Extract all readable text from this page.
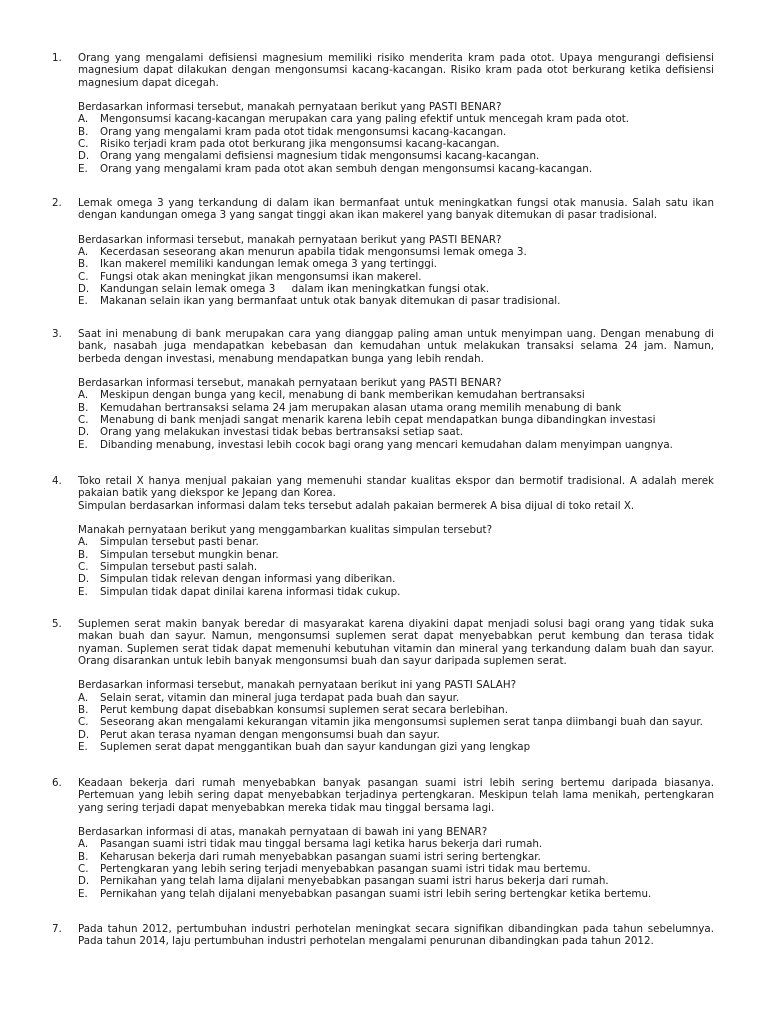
1. Orang yang mengalami defisiensi magnesium memiliki risiko menderita kram pada otot. Upaya mengurangi defisiensi magnesium dapat dilakukan dengan mengonsumsi kacang-kacangan. Risiko kram pada otot berkurang ketika defisiensi magnesium dapat dicegah.
Berdasarkan informasi tersebut, manakah pernyataan berikut yang PASTI BENAR?
A. Mengonsumsi kacang-kacangan merupakan cara yang paling efektif untuk mencegah kram pada otot.
B. Orang yang mengalami kram pada otot tidak mengonsumsi kacang-kacangan.
C. Risiko terjadi kram pada otot berkurang jika mengonsumsi kacang-kacangan.
D. Orang yang mengalami defisiensi magnesium tidak mengonsumsi kacang-kacangan.
E. Orang yang mengalami kram pada otot akan sembuh dengan mengonsumsi kacang-kacangan.
2. Lemak omega 3 yang terkandung di dalam ikan bermanfaat untuk meningkatkan fungsi otak manusia. Salah satu ikan dengan kandungan omega 3 yang sangat tinggi akan ikan makerel yang banyak ditemukan di pasar tradisional.
Berdasarkan informasi tersebut, manakah pernyataan berikut yang PASTI BENAR?
A. Kecerdasan seseorang akan menurun apabila tidak mengonsumsi lemak omega 3.
B. Ikan makerel memiliki kandungan lemak omega 3 yang tertinggi.
C. Fungsi otak akan meningkat jikan mengonsumsi ikan makerel.
D. Kandungan selain lemak omega 3     dalam ikan meningkatkan fungsi otak.
E. Makanan selain ikan yang bermanfaat untuk otak banyak ditemukan di pasar tradisional.
3. Saat ini menabung di bank merupakan cara yang dianggap paling aman untuk menyimpan uang. Dengan menabung di bank, nasabah juga mendapatkan kebebasan dan kemudahan untuk melakukan transaksi selama 24 jam. Namun, berbeda dengan investasi, menabung mendapatkan bunga yang lebih rendah.
Berdasarkan informasi tersebut, manakah pernyataan berikut yang PASTI BENAR?
A. Meskipun dengan bunga yang kecil, menabung di bank memberikan kemudahan bertransaksi
B. Kemudahan bertransaksi selama 24 jam merupakan alasan utama orang memilih menabung di bank
C. Menabung di bank menjadi sangat menarik karena lebih cepat mendapatkan bunga dibandingkan investasi
D. Orang yang melakukan investasi tidak bebas bertransaksi setiap saat.
E. Dibanding menabung, investasi lebih cocok bagi orang yang mencari kemudahan dalam menyimpan uangnya.
4. Toko retail X hanya menjual pakaian yang memenuhi standar kualitas ekspor dan bermotif tradisional. A adalah merek pakaian batik yang diekspor ke Jepang dan Korea.
Simpulan berdasarkan informasi dalam teks tersebut adalah pakaian bermerek A bisa dijual di toko retail X.
Manakah pernyataan berikut yang menggambarkan kualitas simpulan tersebut?
A. Simpulan tersebut pasti benar.
B. Simpulan tersebut mungkin benar.
C. Simpulan tersebut pasti salah.
D. Simpulan tidak relevan dengan informasi yang diberikan.
E. Simpulan tidak dapat dinilai karena informasi tidak cukup.
5. Suplemen serat makin banyak beredar di masyarakat karena diyakini dapat menjadi solusi bagi orang yang tidak suka makan buah dan sayur. Namun, mengonsumsi suplemen serat dapat menyebabkan perut kembung dan terasa tidak nyaman. Suplemen serat tidak dapat memenuhi kebutuhan vitamin dan mineral yang terkandung dalam buah dan sayur. Orang disarankan untuk lebih banyak mengonsumsi buah dan sayur daripada suplemen serat.
Berdasarkan informasi tersebut, manakah pernyataan berikut ini yang PASTI SALAH?
A. Selain serat, vitamin dan mineral juga terdapat pada buah dan sayur.
B. Perut kembung dapat disebabkan konsumsi suplemen serat secara berlebihan.
C. Seseorang akan mengalami kekurangan vitamin jika mengonsumsi suplemen serat tanpa diimbangi buah dan sayur.
D. Perut akan terasa nyaman dengan mengonsumsi buah dan sayur.
E. Suplemen serat dapat menggantikan buah dan sayur kandungan gizi yang lengkap
6. Keadaan bekerja dari rumah menyebabkan banyak pasangan suami istri lebih sering bertemu daripada biasanya. Pertemuan yang lebih sering dapat menyebabkan terjadinya pertengkaran. Meskipun telah lama menikah, pertengkaran yang sering terjadi dapat menyebabkan mereka tidak mau tinggal bersama lagi.
Berdasarkan informasi di atas, manakah pernyataan di bawah ini yang BENAR?
A. Pasangan suami istri tidak mau tinggal bersama lagi ketika harus bekerja dari rumah.
B. Keharusan bekerja dari rumah menyebabkan pasangan suami istri sering bertengkar.
C. Pertengkaran yang lebih sering terjadi menyebabkan pasangan suami istri tidak mau bertemu.
D. Pernikahan yang telah lama dijalani menyebabkan pasangan suami istri harus bekerja dari rumah.
E. Pernikahan yang telah dijalani menyebabkan pasangan suami istri lebih sering bertengkar ketika bertemu.
7. Pada tahun 2012, pertumbuhan industri perhotelan meningkat secara signifikan dibandingkan pada tahun sebelumnya. Pada tahun 2014, laju pertumbuhan industri perhotelan mengalami penurunan dibandingkan pada tahun 2012.
